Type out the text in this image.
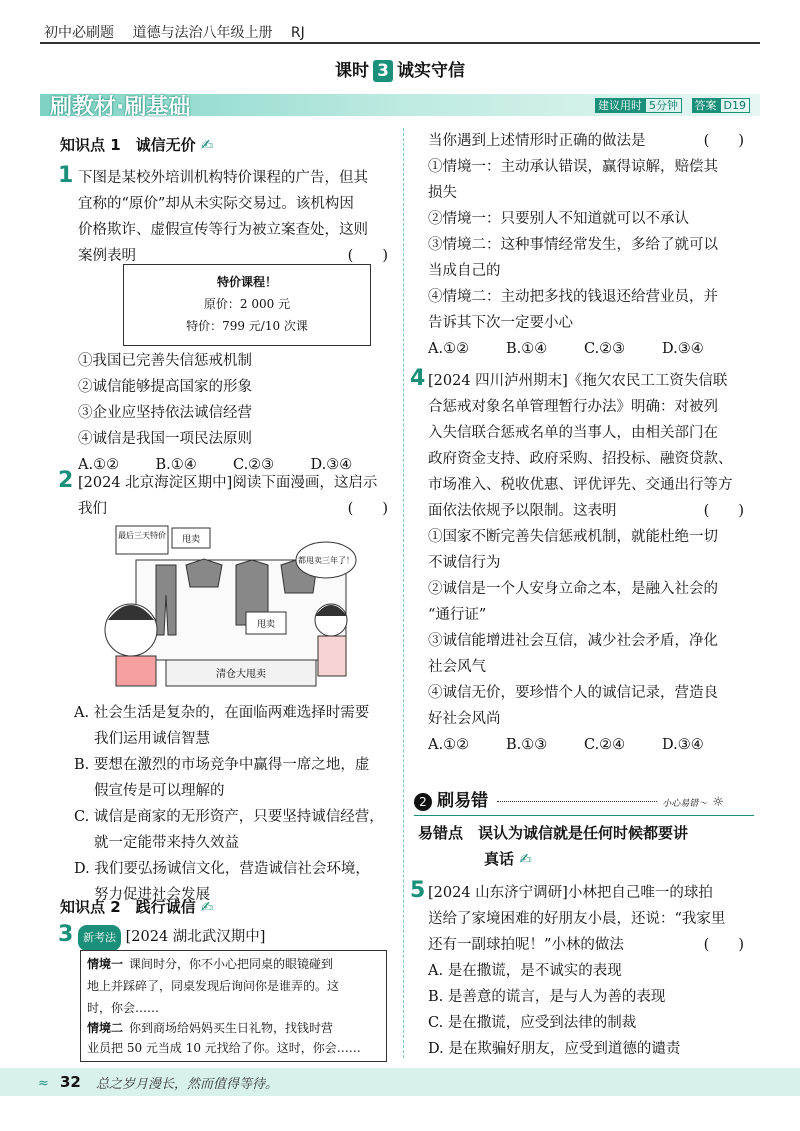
初中必刷题 道德与法治八年级上册 RJ
课时 3 诚实守信
刷教材·刷基础	建议用时 5分钟 答案 D19
知识点 1　诚信无价 ✍
1 下图是某校外培训机构特价课程的广告，但其
宜称的“原价”却从未实际交易过。该机构因
价格欺诈、虚假宣传等行为被立案查处，这则
案例表明	(　　)
特价课程！
原价：2 000 元
特价：799 元/10 次课
①我国已完善失信惩戒机制
②诚信能够提高国家的形象
③企业应坚持依法诚信经营
④诚信是我国一项民法原则
A.①②	B.①④	C.②③	D.③④
2 [2024 北京海淀区期中]阅读下面漫画，这启示
我们	(　　)
最后三天特价 甩卖
都甩卖三年了！
甩卖
清仓大甩卖
A. 社会生活是复杂的，在面临两难选择时需要
我们运用诚信智慧
B. 要想在激烈的市场竞争中赢得一席之地，虚
假宣传是可以理解的
C. 诚信是商家的无形资产，只要坚持诚信经营，
就一定能带来持久效益
D. 我们要弘扬诚信文化，营造诚信社会环境，
努力促进社会发展
知识点 2　践行诚信 ✍
3 新考法 [2024 湖北武汉期中]
情境一 课间时分，你不小心把同桌的眼镜碰到
地上并踩碎了，同桌发现后询问你是谁弄的。这
时，你会……
情境二 你到商场给妈妈买生日礼物，找钱时营
业员把 50 元当成 10 元找给了你。这时，你会……
当你遇到上述情形时正确的做法是	(　　)
①情境一：主动承认错误，赢得谅解，赔偿其
损失
②情境一：只要别人不知道就可以不承认
③情境二：这种事情经常发生，多给了就可以
当成自己的
④情境二：主动把多找的钱退还给营业员，并
告诉其下次一定要小心
A.①②	B.①④	C.②③	D.③④
4 [2024 四川泸州期末]《拖欠农民工工资失信联
合惩戒对象名单管理暂行办法》明确：对被列
入失信联合惩戒名单的当事人，由相关部门在
政府资金支持、政府采购、招投标、融资贷款、
市场准入、税收优惠、评优评先、交通出行等方
面依法依规予以限制。这表明	(　　)
①国家不断完善失信惩戒机制，就能杜绝一切
不诚信行为
②诚信是一个人安身立命之本，是融入社会的
“通行证”
③诚信能增进社会互信，减少社会矛盾，净化
社会风气
④诚信无价，要珍惜个人的诚信记录，营造良
好社会风尚
A.①②	B.①③	C.②④	D.③④
2 刷易错	小心易错～ ☼
易错点　 误认为诚信就是任何时候都要讲
真话 ✍
5 [2024 山东济宁调研]小林把自己唯一的球拍
送给了家境困难的好朋友小晨，还说：“我家里
还有一副球拍呢！”小林的做法	(　　)
A. 是在撒谎，是不诚实的表现
B. 是善意的谎言，是与人为善的表现
C. 是在撒谎，应受到法律的制裁
D. 是在欺骗好朋友，应受到道德的谴责
≈ 32 总之岁月漫长，然而值得等待。
